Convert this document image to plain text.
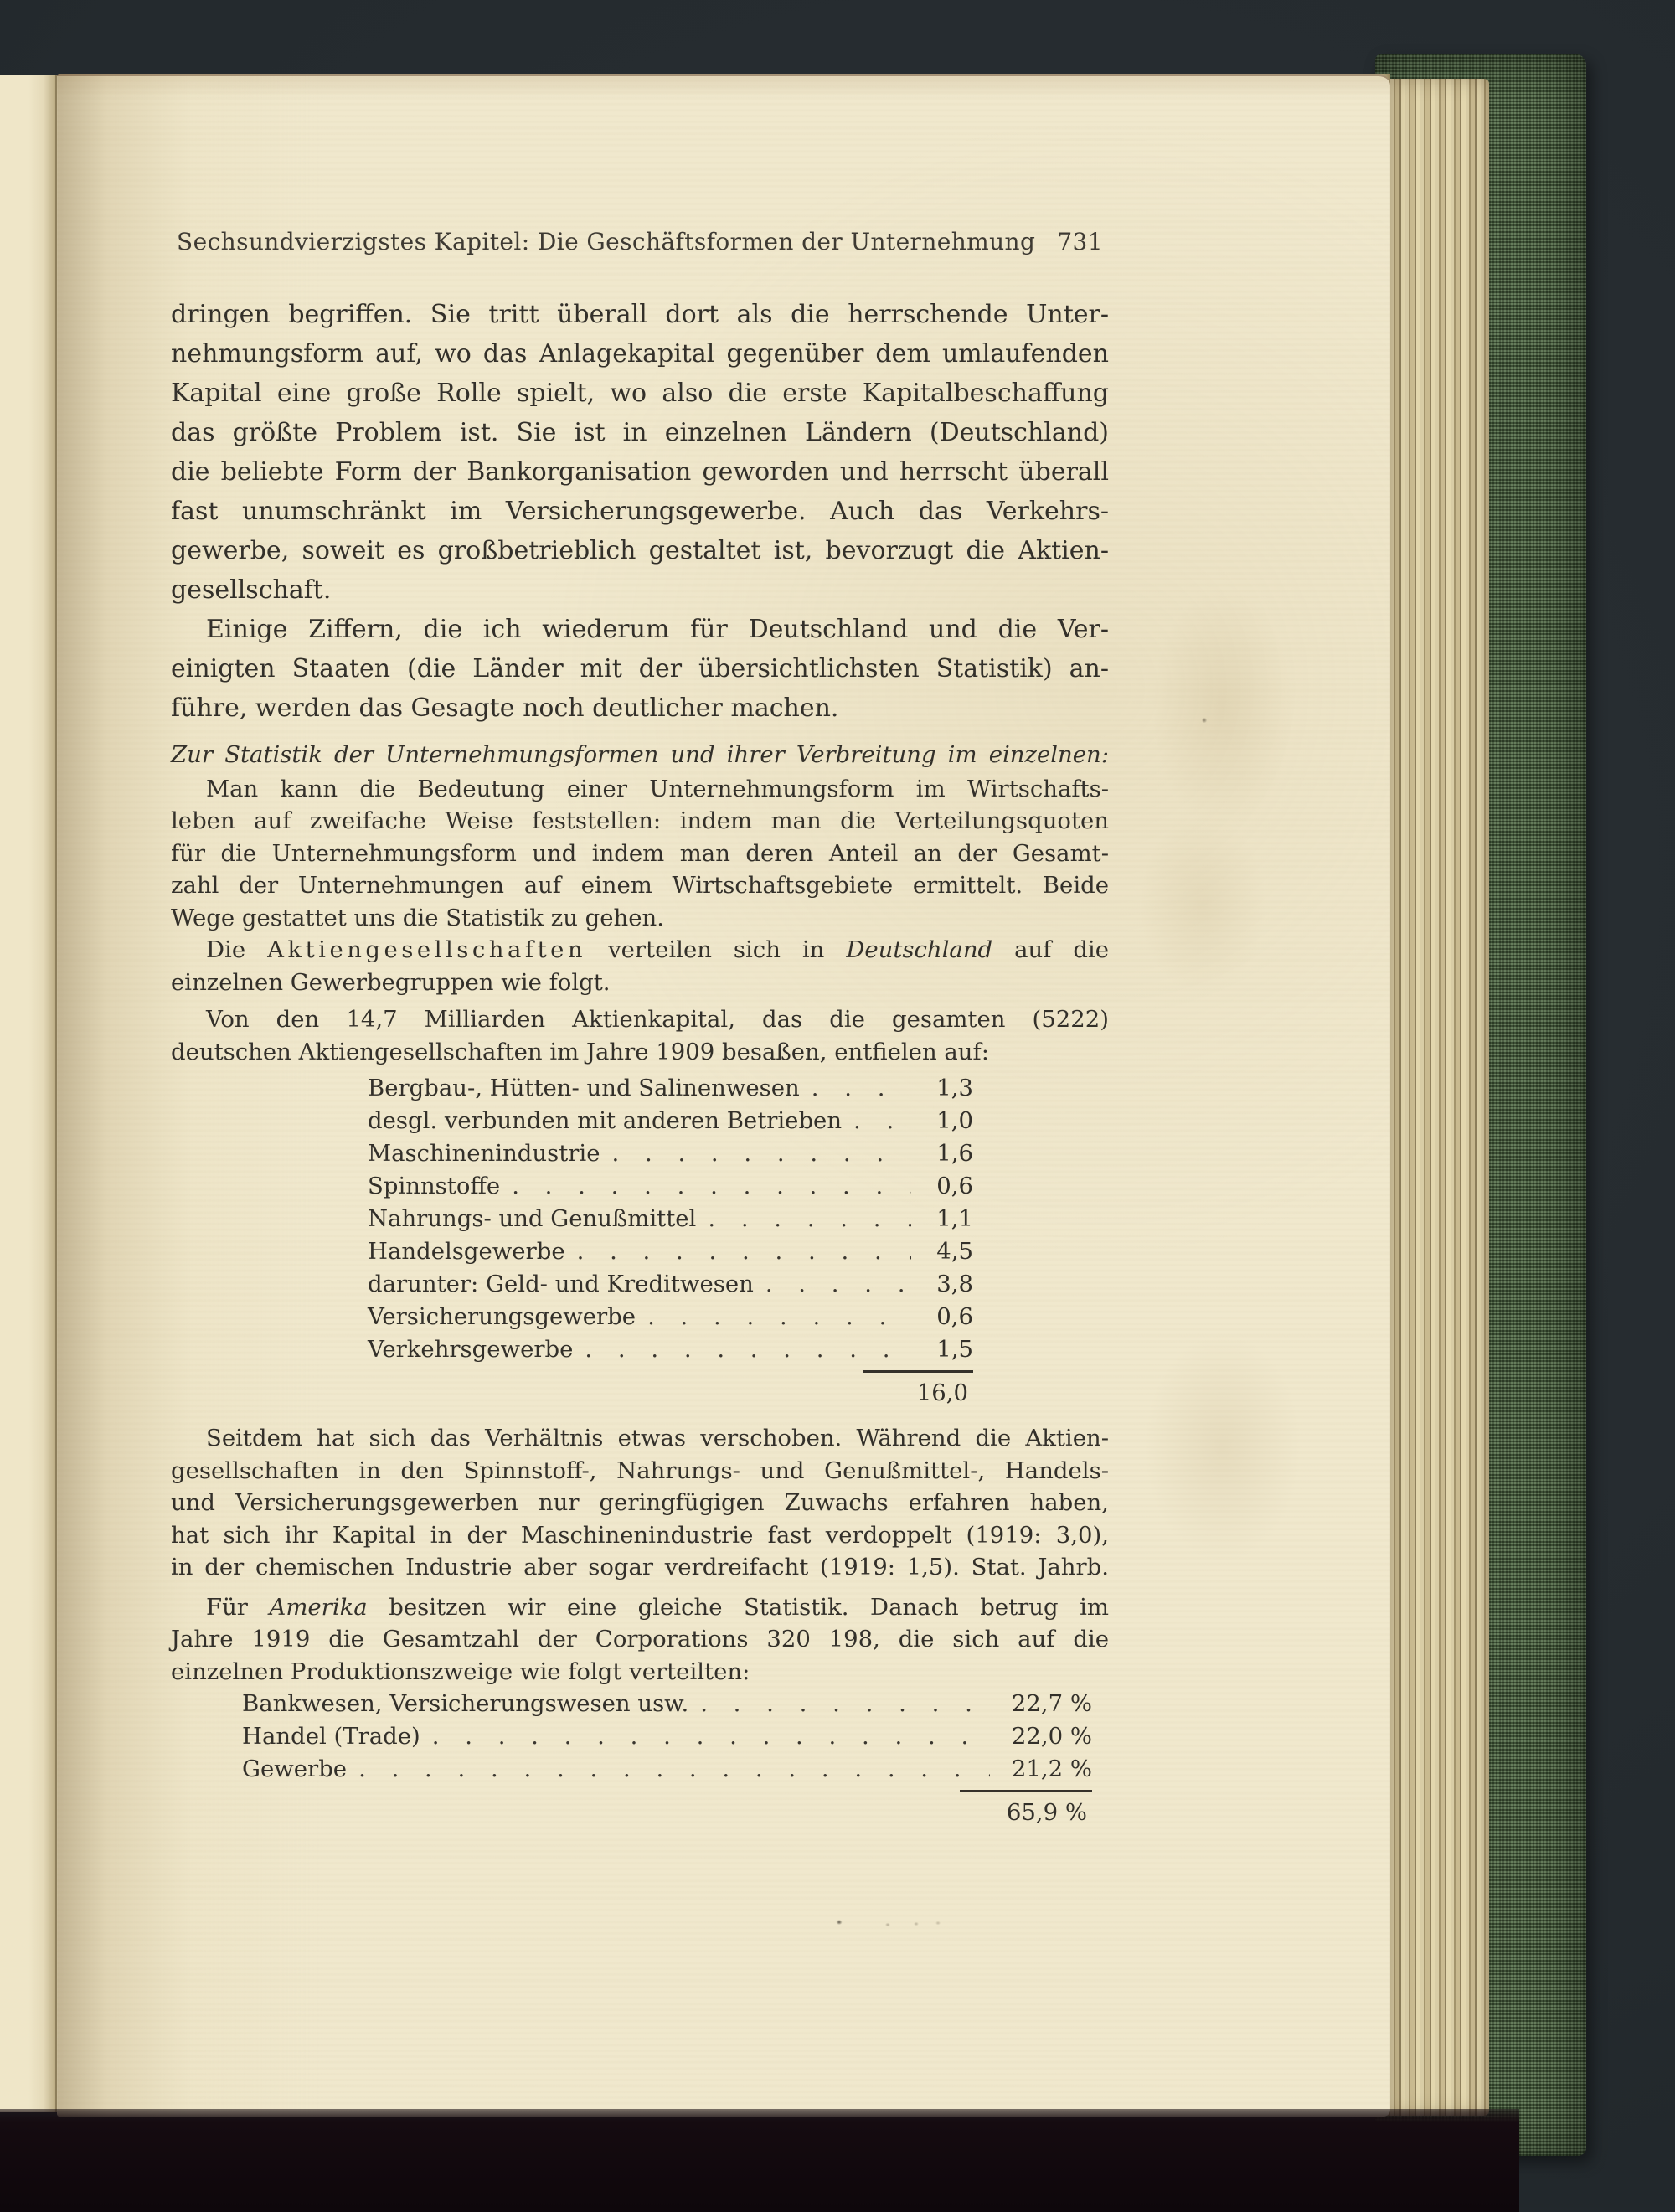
Sechsundvierzigstes Kapitel: Die Geschäftsformen der Unternehmung 731
dringen begriffen. Sie tritt überall dort als die herrschende Unter-
nehmungsform auf, wo das Anlagekapital gegenüber dem umlaufenden
Kapital eine große Rolle spielt, wo also die erste Kapitalbeschaffung
das größte Problem ist. Sie ist in einzelnen Ländern (Deutschland)
die beliebte Form der Bankorganisation geworden und herrscht überall
fast unumschränkt im Versicherungsgewerbe. Auch das Verkehrs-
gewerbe, soweit es großbetrieblich gestaltet ist, bevorzugt die Aktien-
gesellschaft.
Einige Ziffern, die ich wiederum für Deutschland und die Ver-
einigten Staaten (die Länder mit der übersichtlichsten Statistik) an-
führe, werden das Gesagte noch deutlicher machen.
Zur Statistik der Unternehmungsformen und ihrer Verbreitung im einzelnen:
Man kann die Bedeutung einer Unternehmungsform im Wirtschafts-
leben auf zweifache Weise feststellen: indem man die Verteilungsquoten
für die Unternehmungsform und indem man deren Anteil an der Gesamt-
zahl der Unternehmungen auf einem Wirtschaftsgebiete ermittelt. Beide
Wege gestattet uns die Statistik zu gehen.
Die Aktiengesellschaften verteilen sich in Deutschland auf die
einzelnen Gewerbegruppen wie folgt.
Von den 14,7 Milliarden Aktienkapital, das die gesamten (5222)
deutschen Aktiengesellschaften im Jahre 1909 besaßen, entfielen auf:
Bergbau-, Hütten- und Salinenwesen . . .	1,3
desgl. verbunden mit anderen Betrieben . . .	1,0
Maschinenindustrie . . .	1,6
Spinnstoffe . . .	0,6
Nahrungs- und Genußmittel . . .	1,1
Handelsgewerbe . . .	4,5
darunter: Geld- und Kreditwesen . . .	3,8
Versicherungsgewerbe . . .	0,6
Verkehrsgewerbe . . .	1,5
16,0
Seitdem hat sich das Verhältnis etwas verschoben. Während die Aktien-
gesellschaften in den Spinnstoff-, Nahrungs- und Genußmittel-, Handels-
und Versicherungsgewerben nur geringfügigen Zuwachs erfahren haben,
hat sich ihr Kapital in der Maschinenindustrie fast verdoppelt (1919: 3,0),
in der chemischen Industrie aber sogar verdreifacht (1919: 1,5). Stat. Jahrb.
Für Amerika besitzen wir eine gleiche Statistik. Danach betrug im
Jahre 1919 die Gesamtzahl der Corporations 320 198, die sich auf die
einzelnen Produktionszweige wie folgt verteilten:
Bankwesen, Versicherungswesen usw. . . .	22,7 %
Handel (Trade) . . .	22,0 %
Gewerbe . . .	21,2 %
65,9 %
